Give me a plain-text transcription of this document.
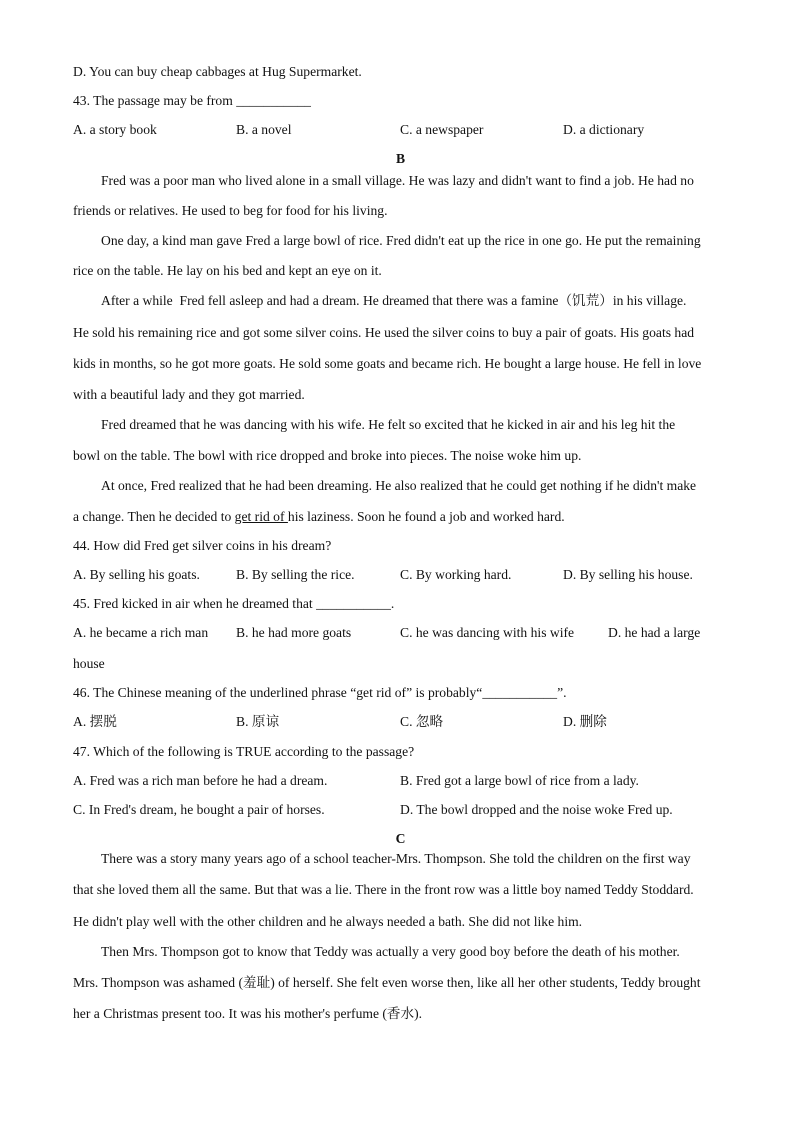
D. You can buy cheap cabbages at Hug Supermarket.
43. The passage may be from ___________
A. a story book	B. a novel	C. a newspaper	D. a dictionary
B
Fred was a poor man who lived alone in a small village. He was lazy and didn't want to find a job. He had no
friends or relatives. He used to beg for food for his living.
One day, a kind man gave Fred a large bowl of rice. Fred didn't eat up the rice in one go. He put the remaining
rice on the table. He lay on his bed and kept an eye on it.
After a while  Fred fell asleep and had a dream. He dreamed that there was a famine（饥荒）in his village.
He sold his remaining rice and got some silver coins. He used the silver coins to buy a pair of goats. His goats had
kids in months, so he got more goats. He sold some goats and became rich. He bought a large house. He fell in love
with a beautiful lady and they got married.
Fred dreamed that he was dancing with his wife. He felt so excited that he kicked in air and his leg hit the
bowl on the table. The bowl with rice dropped and broke into pieces. The noise woke him up.
At once, Fred realized that he had been dreaming. He also realized that he could get nothing if he didn't make
a change. Then he decided to get rid of his laziness. Soon he found a job and worked hard.
44. How did Fred get silver coins in his dream?
A. By selling his goats.	B. By selling the rice.	C. By working hard.	D. By selling his house.
45. Fred kicked in air when he dreamed that ___________.
A. he became a rich man B. he had more goats	C. he was dancing with his wife D. he had a large
house
46. The Chinese meaning of the underlined phrase “get rid of” is probably“___________”.
A. 摆脱	B. 原谅	C. 忽略	D. 删除
47. Which of the following is TRUE according to the passage?
A. Fred was a rich man before he had a dream.	B. Fred got a large bowl of rice from a lady.
C. In Fred's dream, he bought a pair of horses.	D. The bowl dropped and the noise woke Fred up.
C
There was a story many years ago of a school teacher-Mrs. Thompson. She told the children on the first way
that she loved them all the same. But that was a lie. There in the front row was a little boy named Teddy Stoddard.
He didn't play well with the other children and he always needed a bath. She did not like him.
Then Mrs. Thompson got to know that Teddy was actually a very good boy before the death of his mother.
Mrs. Thompson was ashamed (羞耻) of herself. She felt even worse then, like all her other students, Teddy brought
her a Christmas present too. It was his mother's perfume (香水).
